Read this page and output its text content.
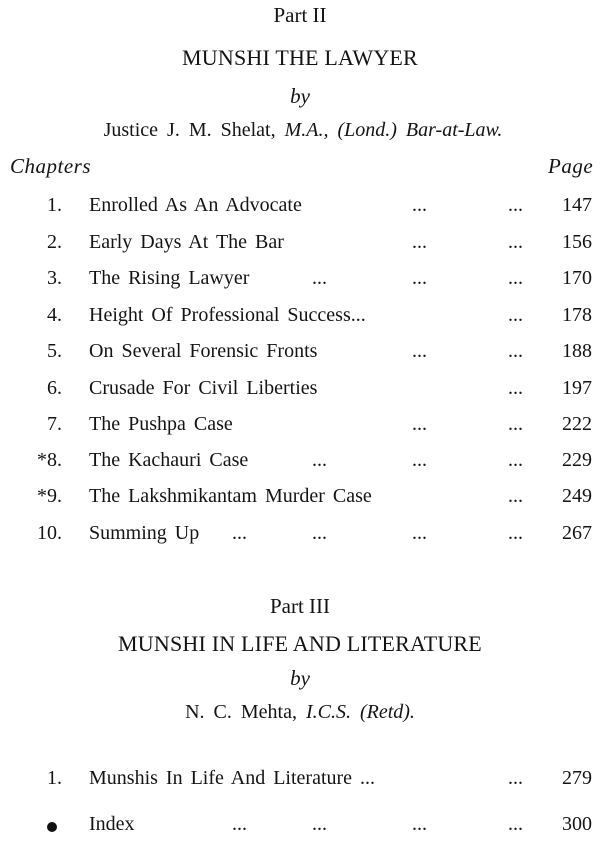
Part II
MUNSHI THE LAWYER
by
Justice J. M. Shelat, M.A., (Lond.) Bar-at-Law.
Chapters	Page
1. Enrolled As An Advocate	...	... 147
2. Early Days At The Bar	...	... 156
3. The Rising Lawyer	...	...	... 170
4. Height Of Professional Success...	... 178
5. On Several Forensic Fronts	...	... 188
6. Crusade For Civil Liberties	... 197
7. The Pushpa Case	...	... 222
*8. The Kachauri Case	...	...	... 229
*9. The Lakshmikantam Murder Case	... 249
10. Summing Up ...	...	...	... 267
Part III
MUNSHI IN LIFE AND LITERATURE
by
N. C. Mehta, I.C.S. (Retd).
1. Munshis In Life And Literature ...	... 279
Index	...	...	...	... 300
